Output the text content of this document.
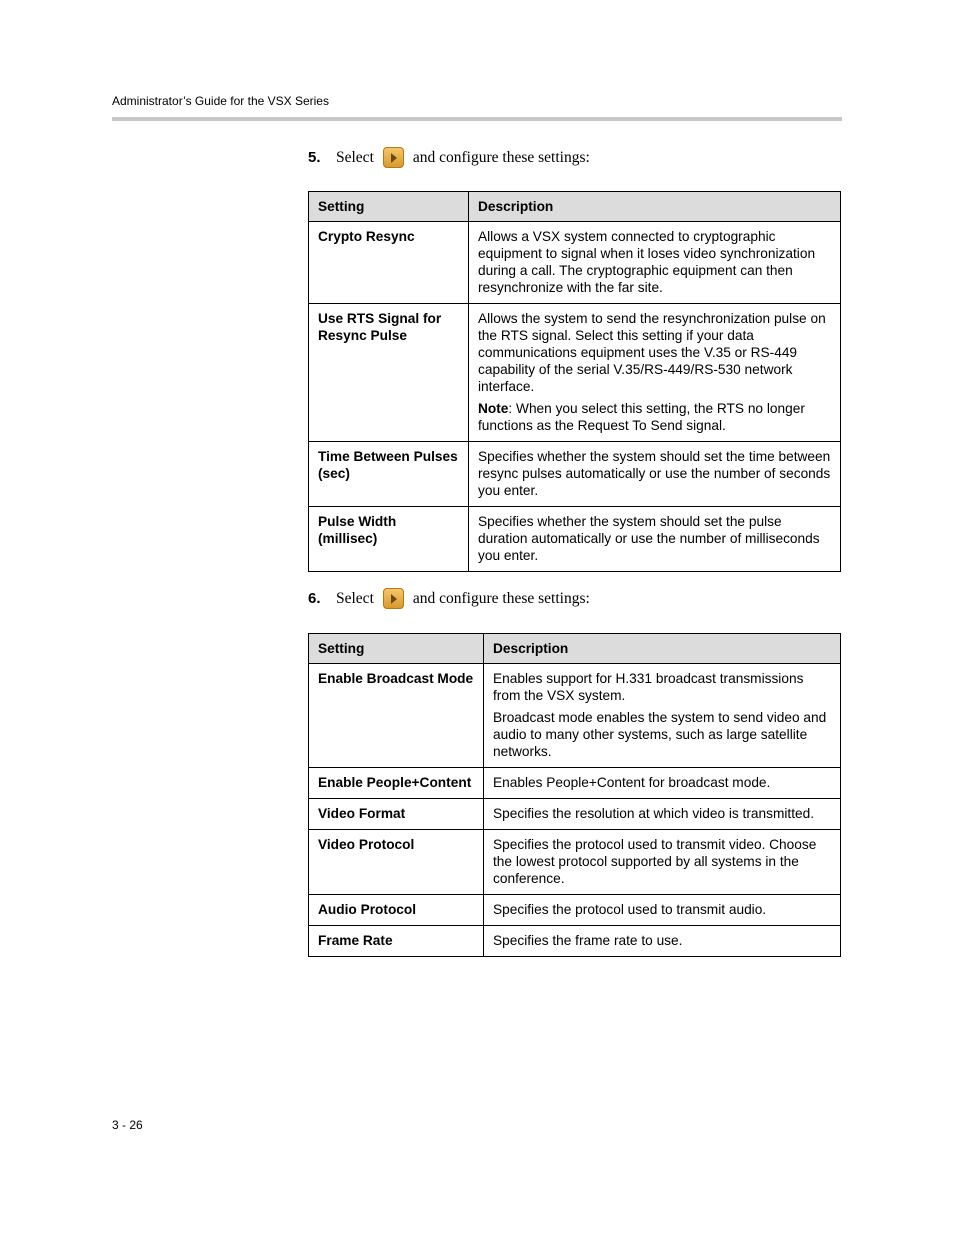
Administrator’s Guide for the VSX Series
5. Select	and configure these settings:
Setting	Description
Crypto Resync	Allows a VSX system connected to cryptographic equipment to signal when it loses video synchronization during a call. The cryptographic equipment can then resynchronize with the far site.
Use RTS Signal for Resync Pulse	Allows the system to send the resynchronization pulse on the RTS signal. Select this setting if your data communications equipment uses the V.35 or RS-449 capability of the serial V.35/RS-449/RS-530 network interface.

Note: When you select this setting, the RTS no longer functions as the Request To Send signal.

Time Between Pulses (sec)	Specifies whether the system should set the time between resync pulses automatically or use the number of seconds you enter.
Pulse Width (millisec)	Specifies whether the system should set the pulse duration automatically or use the number of milliseconds you enter.
6. Select	and configure these settings:
Setting	Description
Enable Broadcast Mode	Enables support for H.331 broadcast transmissions from the VSX system.

Broadcast mode enables the system to send video and audio to many other systems, such as large satellite networks.

Enable People+Content	Enables People+Content for broadcast mode.
Video Format	Specifies the resolution at which video is transmitted.
Video Protocol	Specifies the protocol used to transmit video. Choose the lowest protocol supported by all systems in the conference.
Audio Protocol	Specifies the protocol used to transmit audio.
Frame Rate	Specifies the frame rate to use.
3 - 26
